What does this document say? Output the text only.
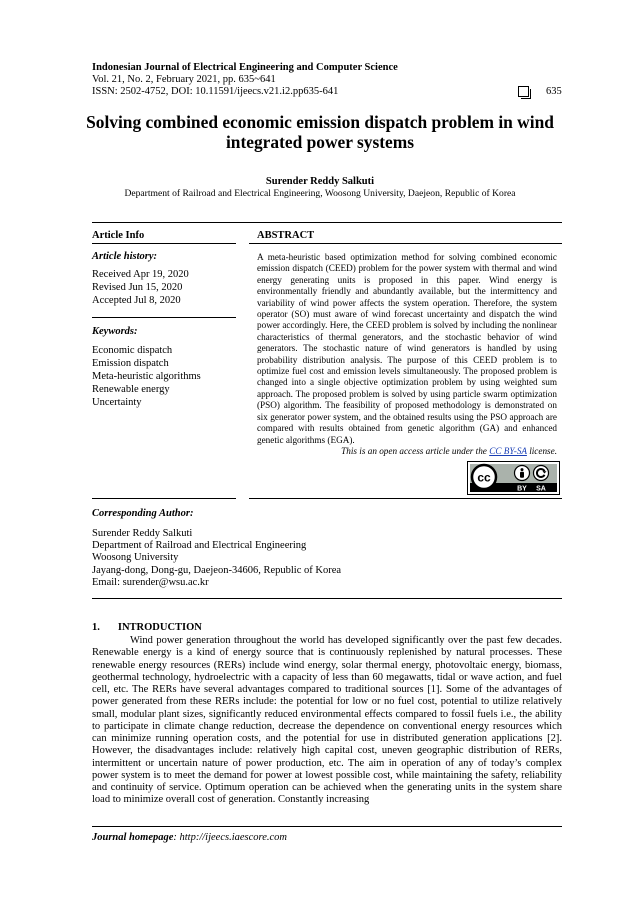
Indonesian Journal of Electrical Engineering and Computer Science
Vol. 21, No. 2, February 2021, pp. 635~641
ISSN: 2502-4752, DOI: 10.11591/ijeecs.v21.i2.pp635-641	635
Solving combined economic emission dispatch problem in wind integrated power systems
Surender Reddy Salkuti
Department of Railroad and Electrical Engineering, Woosong University, Daejeon, Republic of Korea
Article Info
Article history:
Received Apr 19, 2020
Revised Jun 15, 2020
Accepted Jul 8, 2020
Keywords:
Economic dispatch
Emission dispatch
Meta-heuristic algorithms
Renewable energy
Uncertainty
ABSTRACT
A meta-heuristic based optimization method for solving combined economic emission dispatch (CEED) problem for the power system with thermal and wind energy generating units is proposed in this paper. Wind energy is environmentally friendly and abundantly available, but the intermittency and variability of wind power affects the system operation. Therefore, the system operator (SO) must aware of wind forecast uncertainty and dispatch the wind power accordingly. Here, the CEED problem is solved by including the nonlinear characteristics of thermal generators, and the stochastic behavior of wind generators. The stochastic nature of wind generators is handled by using probability distribution analysis. The purpose of this CEED problem is to optimize fuel cost and emission levels simultaneously. The proposed problem is changed into a single objective optimization problem by using weighted sum approach. The proposed problem is solved by using particle swarm optimization (PSO) algorithm. The feasibility of proposed methodology is demonstrated on six generator power system, and the obtained results using the PSO approach are compared with results obtained from genetic algorithm (GA) and enhanced genetic algorithms (EGA).
This is an open access article under the CC BY-SA license.
cc
BY SA
Corresponding Author:
Surender Reddy Salkuti
Department of Railroad and Electrical Engineering
Woosong University
Jayang-dong, Dong-gu, Daejeon-34606, Republic of Korea
Email: surender@wsu.ac.kr
1. INTRODUCTION
Wind power generation throughout the world has developed significantly over the past few decades. Renewable energy is a kind of energy source that is continuously replenished by natural processes. These renewable energy resources (RERs) include wind energy, solar thermal energy, photovoltaic energy, biomass, geothermal technology, hydroelectric with a capacity of less than 60 megawatts, tidal or wave action, and fuel cell, etc. The RERs have several advantages compared to traditional sources [1]. Some of the advantages of power generated from these RERs include: the potential for low or no fuel cost, potential to utilize relatively small, modular plant sizes, significantly reduced environmental effects compared to fossil fuels i.e., the ability to participate in climate change reduction, decrease the dependence on conventional energy resources which can minimize running operation costs, and the potential for use in distributed generation applications [2]. However, the disadvantages include: relatively high capital cost, uneven geographic distribution of RERs, intermittent or uncertain nature of power production, etc. The aim in operation of any of today’s complex power system is to meet the demand for power at lowest possible cost, while maintaining the safety, reliability and continuity of service. Optimum operation can be achieved when the generating units in the system share load to minimize overall cost of generation. Constantly increasing
Journal homepage: http://ijeecs.iaescore.com
